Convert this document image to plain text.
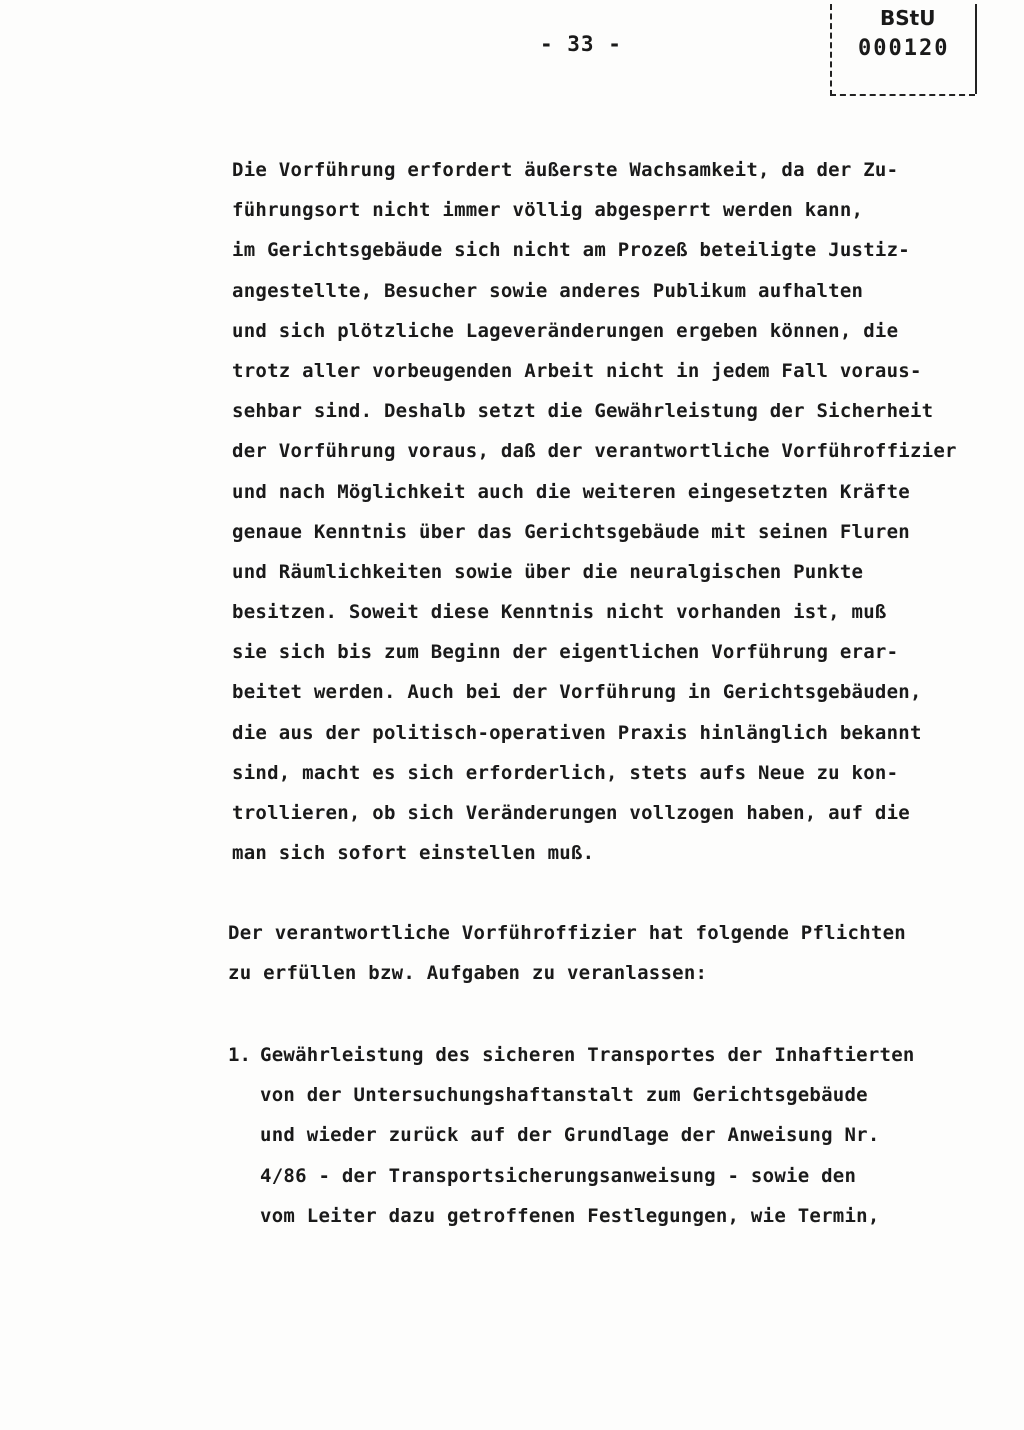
- 33 -
BStU
000120
Die Vorführung erfordert äußerste Wachsamkeit, da der Zu-
führungsort nicht immer völlig abgesperrt werden kann,
im Gerichtsgebäude sich nicht am Prozeß beteiligte Justiz-
angestellte, Besucher sowie anderes Publikum aufhalten
und sich plötzliche Lageveränderungen ergeben können, die
trotz aller vorbeugenden Arbeit nicht in jedem Fall voraus-
sehbar sind. Deshalb setzt die Gewährleistung der Sicherheit
der Vorführung voraus, daß der verantwortliche Vorführoffizier
und nach Möglichkeit auch die weiteren eingesetzten Kräfte
genaue Kenntnis über das Gerichtsgebäude mit seinen Fluren
und Räumlichkeiten sowie über die neuralgischen Punkte
besitzen. Soweit diese Kenntnis nicht vorhanden ist, muß
sie sich bis zum Beginn der eigentlichen Vorführung erar-
beitet werden. Auch bei der Vorführung in Gerichtsgebäuden,
die aus der politisch-operativen Praxis hinlänglich bekannt
sind, macht es sich erforderlich, stets aufs Neue zu kon-
trollieren, ob sich Veränderungen vollzogen haben, auf die
man sich sofort einstellen muß.
Der verantwortliche Vorführoffizier hat folgende Pflichten
zu erfüllen bzw. Aufgaben zu veranlassen:
1. Gewährleistung des sicheren Transportes der Inhaftierten
von der Untersuchungshaftanstalt zum Gerichtsgebäude
und wieder zurück auf der Grundlage der Anweisung Nr.
4/86 - der Transportsicherungsanweisung - sowie den
vom Leiter dazu getroffenen Festlegungen, wie Termin,
